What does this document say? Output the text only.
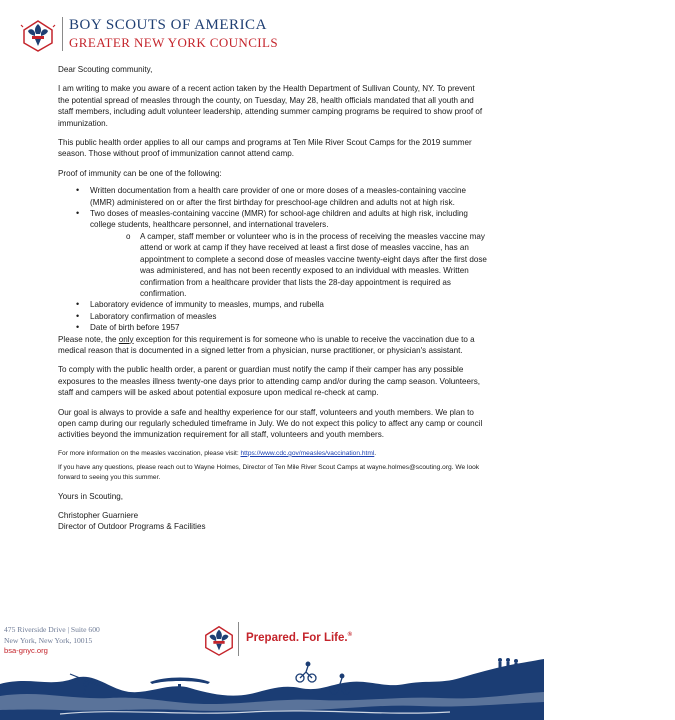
BOY SCOUTS OF AMERICA
GREATER NEW YORK COUNCILS

Dear Scouting community,

I am writing to make you aware of a recent action taken by the Health Department of Sullivan County, NY. To prevent the potential spread of measles through the county, on Tuesday, May 28, health officials mandated that all youth and staff members, including adult volunteer leadership, attending summer camping programs be required to show proof of immunization.

This public health order applies to all our camps and programs at Ten Mile River Scout Camps for the 2019 summer season. Those without proof of immunization cannot attend camp.

Proof of immunity can be one of the following:

• Written documentation from a health care provider of one or more doses of a measles-containing vaccine (MMR) administered on or after the first birthday for preschool-age children and adults not at high risk.
• Two doses of measles-containing vaccine (MMR) for school-age children and adults at high risk, including college students, healthcare personnel, and international travelers.
o A camper, staff member or volunteer who is in the process of receiving the measles vaccine may attend or work at camp if they have received at least a first dose of measles vaccine, has an appointment to complete a second dose of measles vaccine twenty-eight days after the first dose was administered, and has not been recently exposed to an individual with measles. Written confirmation from a healthcare provider that lists the 28-day appointment is required as confirmation.
• Laboratory evidence of immunity to measles, mumps, and rubella
• Laboratory confirmation of measles
• Date of birth before 1957

Please note, the only exception for this requirement is for someone who is unable to receive the vaccination due to a medical reason that is documented in a signed letter from a physician, nurse practitioner, or physician's assistant.

To comply with the public health order, a parent or guardian must notify the camp if their camper has any possible exposures to the measles illness twenty-one days prior to attending camp and/or during the camp season. Volunteers, staff and campers will be asked about potential exposure upon medical re-check at camp.

Our goal is always to provide a safe and healthy experience for our staff, volunteers and youth members. We plan to open camp during our regularly scheduled timeframe in July. We do not expect this policy to affect any camp or council activities beyond the immunization requirement for all staff, volunteers and youth members.

For more information on the measles vaccination, please visit: https://www.cdc.gov/measles/vaccination.html.

If you have any questions, please reach out to Wayne Holmes, Director of Ten Mile River Scout Camps at wayne.holmes@scouting.org. We look forward to seeing you this summer.

Yours in Scouting,

Christopher Guarniere

Director of Outdoor Programs & Facilities

475 Riverside Drive | Suite 600
New York, New York, 10015
bsa-gnyc.org
Prepared. For Life.®
